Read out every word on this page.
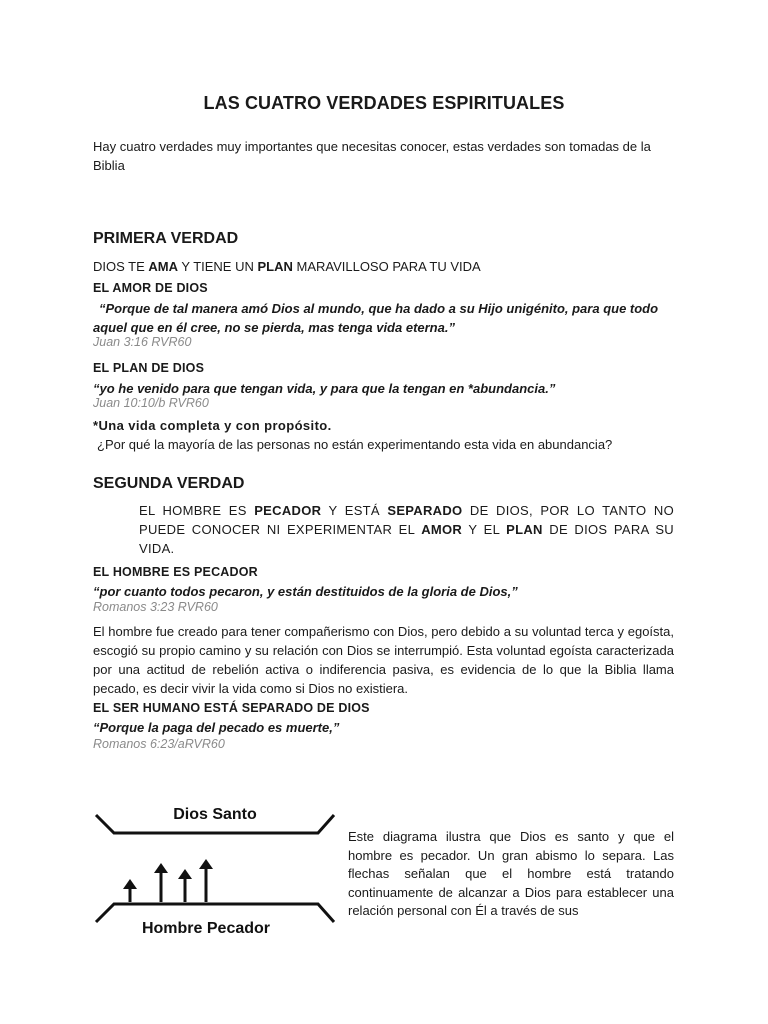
LAS CUATRO VERDADES ESPIRITUALES
Hay cuatro verdades muy importantes que necesitas conocer, estas verdades son tomadas de la Biblia
PRIMERA VERDAD
DIOS TE AMA Y TIENE UN PLAN MARAVILLOSO PARA TU VIDA
EL AMOR DE DIOS
“Porque de tal manera amó Dios al mundo, que ha dado a su Hijo unigénito, para que todo aquel que en él cree, no se pierda, mas tenga vida eterna.”
Juan 3:16 RVR60
EL PLAN DE DIOS
“yo he venido para que tengan vida, y para que la tengan en *abundancia.”
Juan 10:10/b RVR60
*Una vida completa y con propósito.
¿Por qué la mayoría de las personas no están experimentando esta vida en abundancia?
SEGUNDA VERDAD
EL HOMBRE ES PECADOR Y ESTÁ SEPARADO DE DIOS, POR LO TANTO NO PUEDE CONOCER NI EXPERIMENTAR EL AMOR Y EL PLAN DE DIOS PARA SU VIDA.
EL HOMBRE ES PECADOR
“por cuanto todos pecaron, y están destituidos de la gloria de Dios,”
Romanos 3:23 RVR60
El hombre fue creado para tener compañerismo con Dios, pero debido a su voluntad terca y egoísta, escogió su propio camino y su relación con Dios se interrumpió. Esta voluntad egoísta caracterizada por una actitud de rebelión activa o indiferencia pasiva, es evidencia de lo que la Biblia llama pecado, es decir vivir la vida como si Dios no existiera.
EL SER HUMANO ESTÁ SEPARADO DE DIOS
“Porque la paga del pecado es muerte,”
Romanos 6:23/aRVR60
Dios Santo
Hombre Pecador
Este diagrama ilustra que Dios es santo y que el hombre es pecador. Un gran abismo lo separa. Las flechas señalan que el hombre está tratando continuamente de alcanzar a Dios para establecer una relación personal con Él a través de sus
